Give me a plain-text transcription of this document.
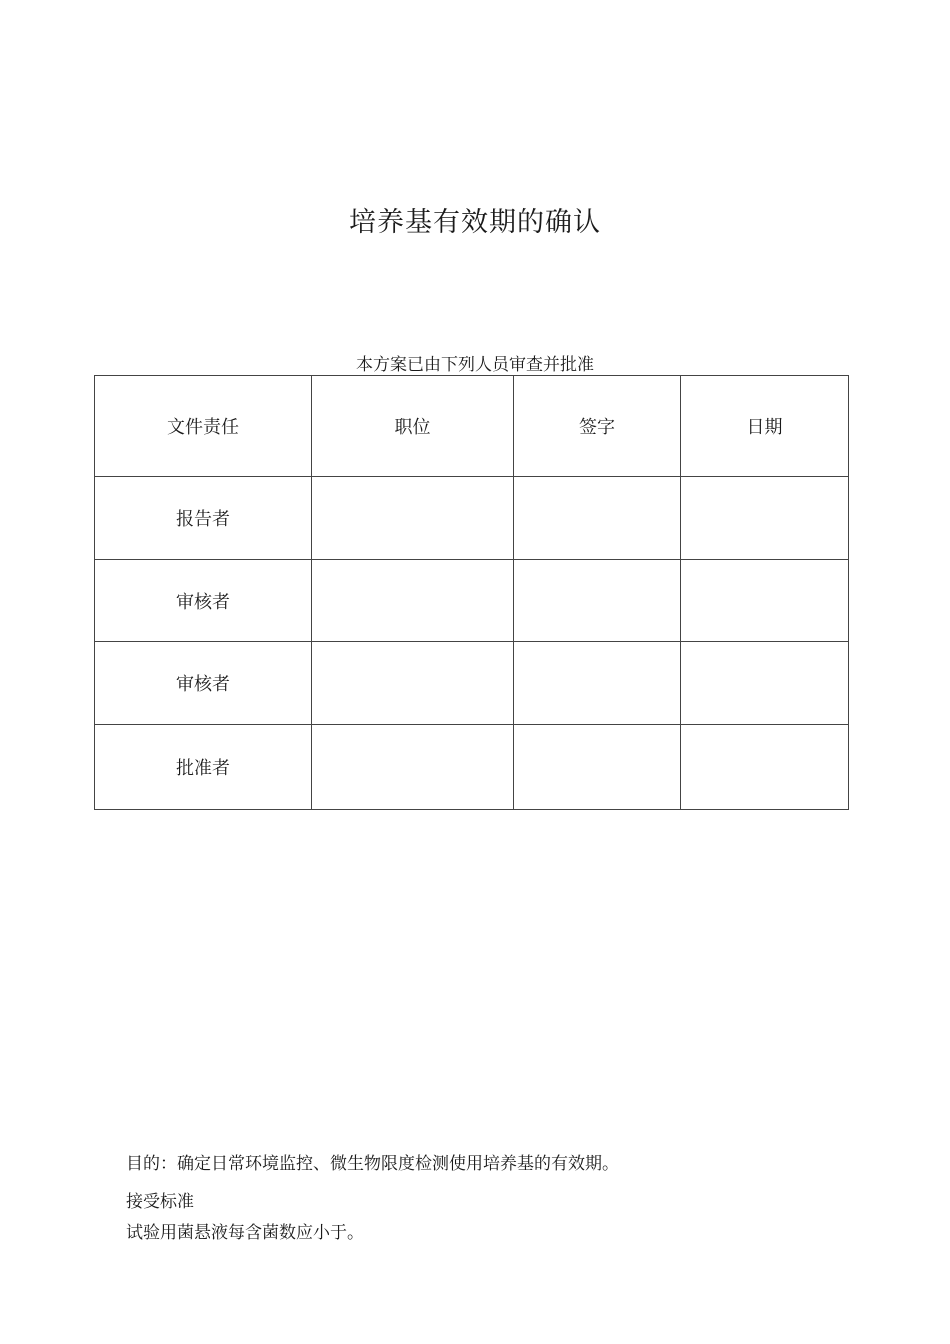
培养基有效期的确认
本方案已由下列人员审查并批准
文件责任	职位	签字	日期
报告者			
审核者			
审核者			
批准者			
目的：确定日常环境监控、微生物限度检测使用培养基的有效期。
接受标准
试验用菌悬液每含菌数应小于。
